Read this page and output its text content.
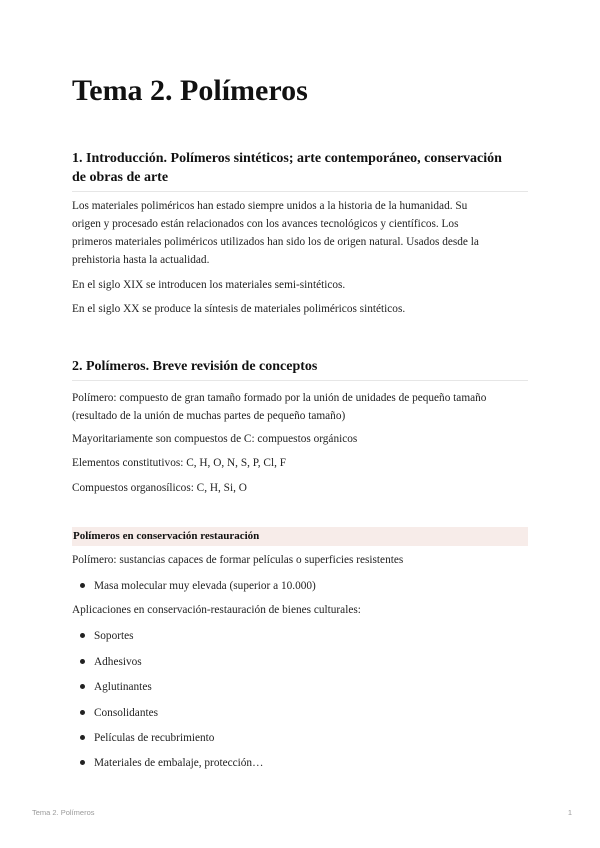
Tema 2. Polímeros
1. Introducción. Polímeros sintéticos; arte contemporáneo, conservación
de obras de arte
Los materiales poliméricos han estado siempre unidos a la historia de la humanidad. Su
origen y procesado están relacionados con los avances tecnológicos y científicos. Los
primeros materiales poliméricos utilizados han sido los de origen natural. Usados desde la
prehistoria hasta la actualidad.
En el siglo XIX se introducen los materiales semi-sintéticos.
En el siglo XX se produce la síntesis de materiales poliméricos sintéticos.
2. Polímeros. Breve revisión de conceptos
Polímero: compuesto de gran tamaño formado por la unión de unidades de pequeño tamaño
(resultado de la unión de muchas partes de pequeño tamaño)
Mayoritariamente son compuestos de C: compuestos orgánicos
Elementos constitutivos: C, H, O, N, S, P, Cl, F
Compuestos organosílicos: C, H, Si, O
Polímeros en conservación restauración
Polímero: sustancias capaces de formar películas o superficies resistentes
Masa molecular muy elevada (superior a 10.000)
Aplicaciones en conservación-restauración de bienes culturales:
Soportes
Adhesivos
Aglutinantes
Consolidantes
Películas de recubrimiento
Materiales de embalaje, protección…
Tema 2. Polímeros	1
